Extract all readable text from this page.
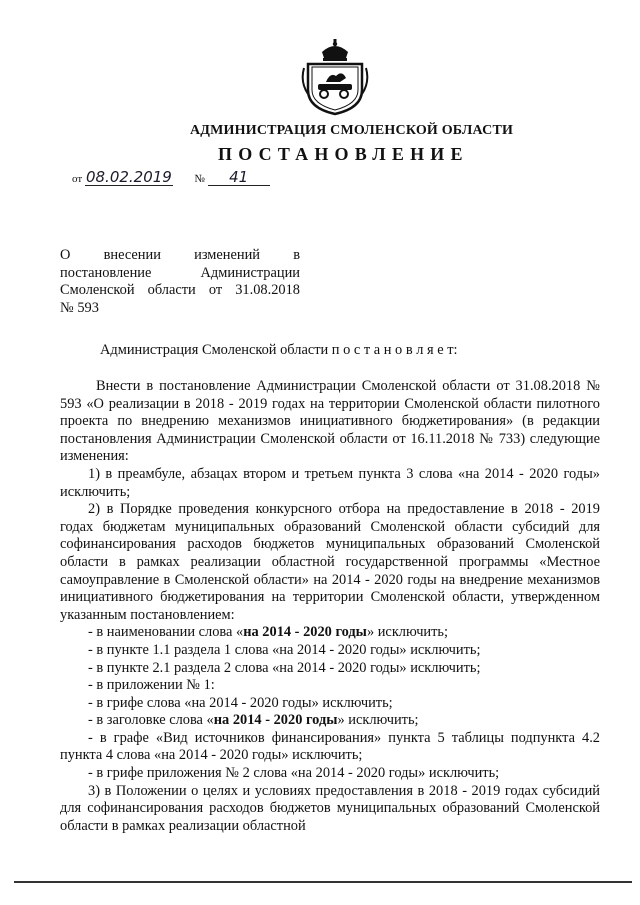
АДМИНИСТРАЦИЯ СМОЛЕНСКОЙ ОБЛАСТИ
ПОСТАНОВЛЕНИЕ
от 08.02.2019 № 41
О внесении изменений в
постановление Администрации
Смоленской области от 31.08.2018
№ 593
Администрация Смоленской области п о с т а н о в л я е т:
Внести в постановление Администрации Смоленской области от 31.08.2018 № 593 «О реализации в 2018 - 2019 годах на территории Смоленской области пилотного проекта по внедрению механизмов инициативного бюджетирования» (в редакции постановления Администрации Смоленской области от 16.11.2018 № 733) следующие изменения:
1) в преамбуле, абзацах втором и третьем пункта 3 слова «на 2014 - 2020 годы» исключить;
2) в Порядке проведения конкурсного отбора на предоставление в 2018 - 2019 годах бюджетам муниципальных образований Смоленской области субсидий для софинансирования расходов бюджетов муниципальных образований Смоленской области в рамках реализации областной государственной программы «Местное самоуправление в Смоленской области» на 2014 - 2020 годы на внедрение механизмов инициативного бюджетирования на территории Смоленской области, утвержденном указанным постановлением:
- в наименовании слова «на 2014 - 2020 годы» исключить;
- в пункте 1.1 раздела 1 слова «на 2014 - 2020 годы» исключить;
- в пункте 2.1 раздела 2 слова «на 2014 - 2020 годы» исключить;
- в приложении № 1:
- в грифе слова «на 2014 - 2020 годы» исключить;
- в заголовке слова «на 2014 - 2020 годы» исключить;
- в графе «Вид источников финансирования» пункта 5 таблицы подпункта 4.2 пункта 4 слова «на 2014 - 2020 годы» исключить;
- в грифе приложения № 2 слова «на 2014 - 2020 годы» исключить;
3) в Положении о целях и условиях предоставления в 2018 - 2019 годах субсидий для софинансирования расходов бюджетов муниципальных образований Смоленской области в рамках реализации областной
